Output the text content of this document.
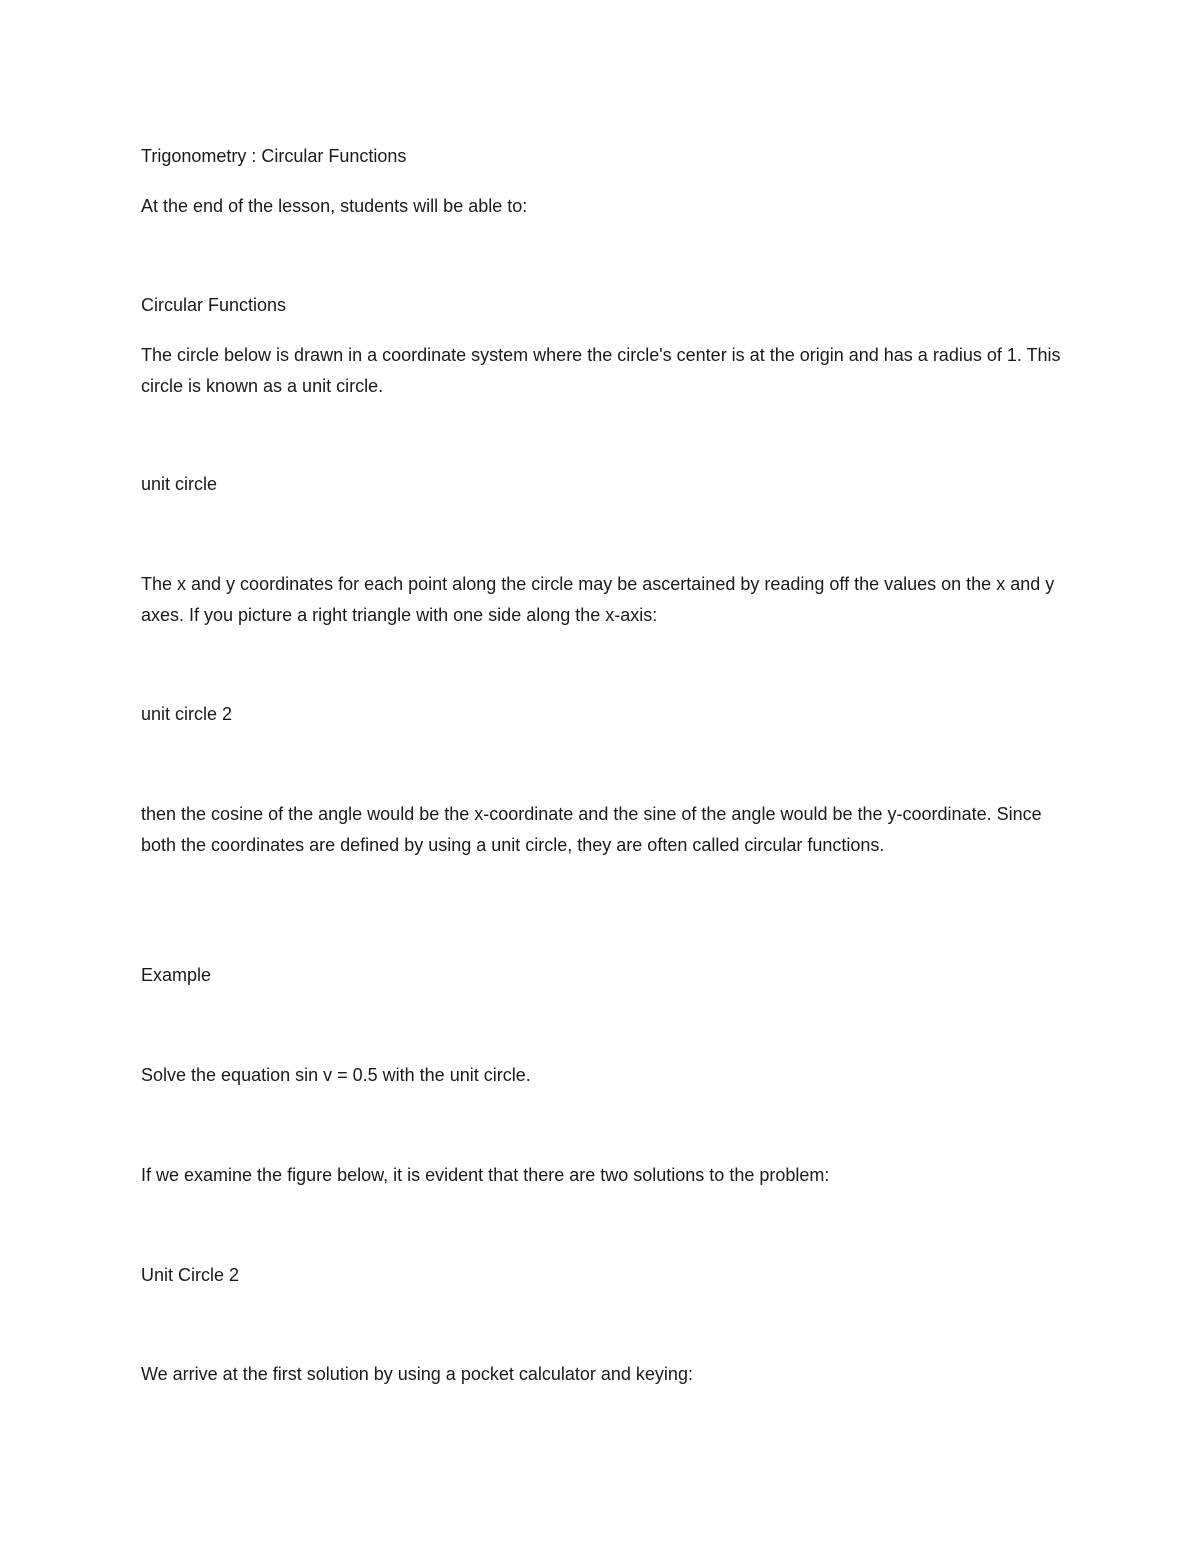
Trigonometry : Circular Functions
At the end of the lesson, students will be able to:
Circular Functions
The circle below is drawn in a coordinate system where the circle's center is at the origin and has a radius of 1. This circle is known as a unit circle.
unit circle
The x and y coordinates for each point along the circle may be ascertained by reading off the values on the x and y axes. If you picture a right triangle with one side along the x-axis:
unit circle 2
then the cosine of the angle would be the x-coordinate and the sine of the angle would be the y-coordinate. Since both the coordinates are defined by using a unit circle, they are often called circular functions.
Example
Solve the equation sin v = 0.5 with the unit circle.
If we examine the figure below, it is evident that there are two solutions to the problem:
Unit Circle 2
We arrive at the first solution by using a pocket calculator and keying:
